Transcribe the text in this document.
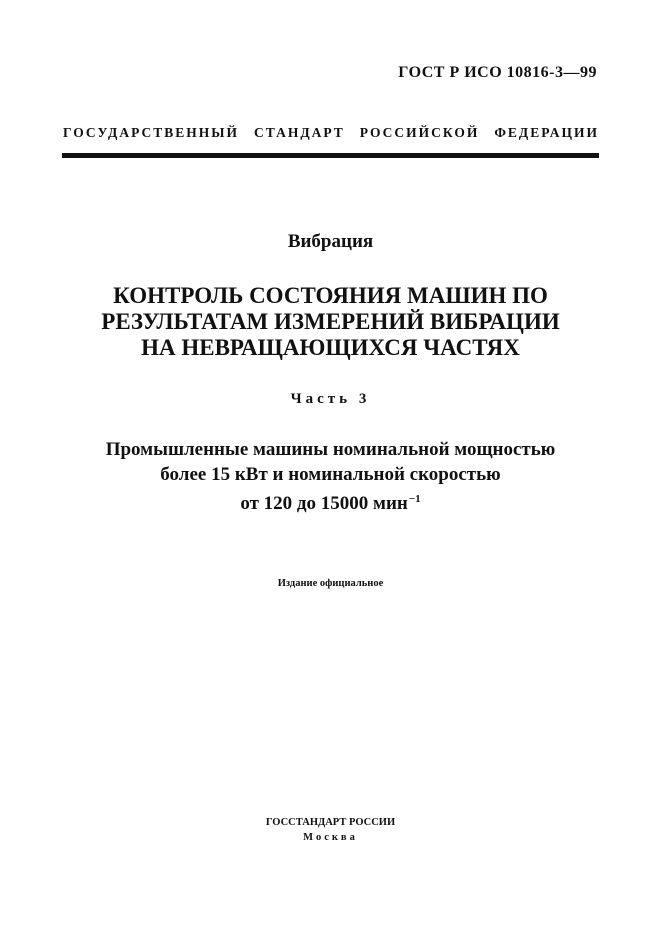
ГОСТ Р ИСО 10816-3—99
ГОСУДАРСТВЕННЫЙ СТАНДАРТ РОССИЙСКОЙ ФЕДЕРАЦИИ
Вибрация
КОНТРОЛЬ СОСТОЯНИЯ МАШИН ПО
РЕЗУЛЬТАТАМ ИЗМЕРЕНИЙ ВИБРАЦИИ
НА НЕВРАЩАЮЩИХСЯ ЧАСТЯХ
Часть 3
Промышленные машины номинальной мощностью
более 15 кВт и номинальной скоростью
от 120 до 15000 мин$^{-1}$
Издание официальное
ГОССТАНДАРТ РОССИИ
Москва
